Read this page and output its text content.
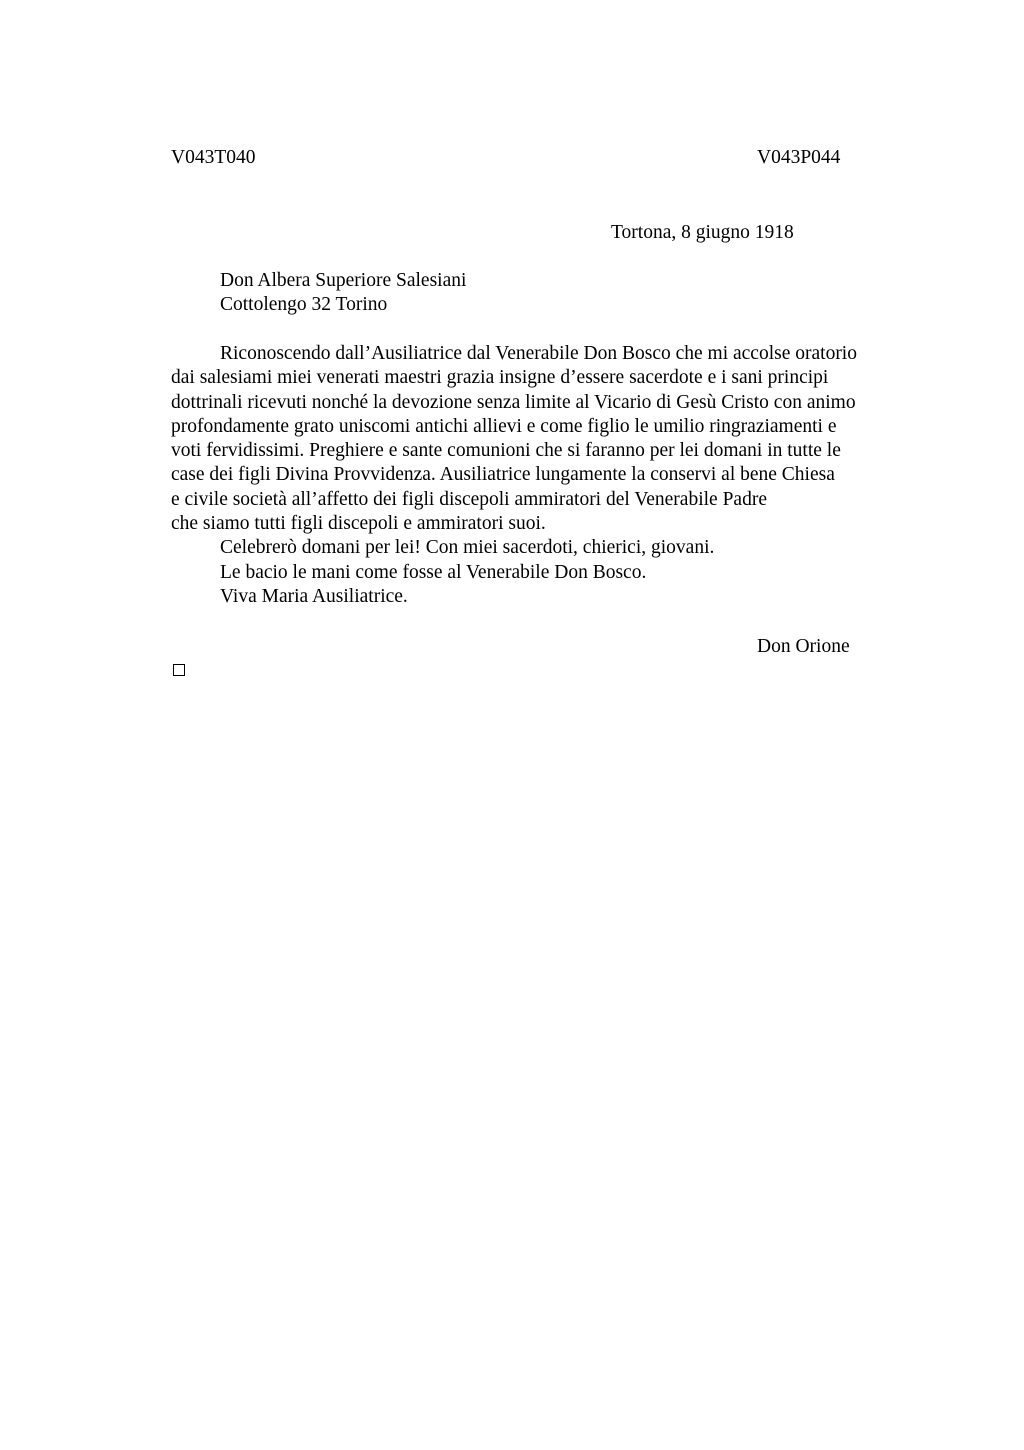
V043T040	V043P044
Tortona, 8 giugno 1918
Don Albera Superiore Salesiani
Cottolengo 32 Torino
Riconoscendo dall’Ausiliatrice dal Venerabile Don Bosco che mi accolse oratorio
dai salesiami miei venerati maestri grazia insigne d’essere sacerdote e i sani principi
dottrinali ricevuti nonché la devozione senza limite al Vicario di Gesù Cristo con animo
profondamente grato uniscomi antichi allievi e come figlio le umilio ringraziamenti e
voti fervidissimi. Preghiere e sante comunioni che si faranno per lei domani in tutte le
case dei figli Divina Provvidenza. Ausiliatrice lungamente la conservi al bene Chiesa
e civile società all’affetto dei figli discepoli ammiratori del Venerabile Padre
che siamo tutti figli discepoli e ammiratori suoi.
Celebrerò domani per lei! Con miei sacerdoti, chierici, giovani.
Le bacio le mani come fosse al Venerabile Don Bosco.
Viva Maria Ausiliatrice.
Don Orione
